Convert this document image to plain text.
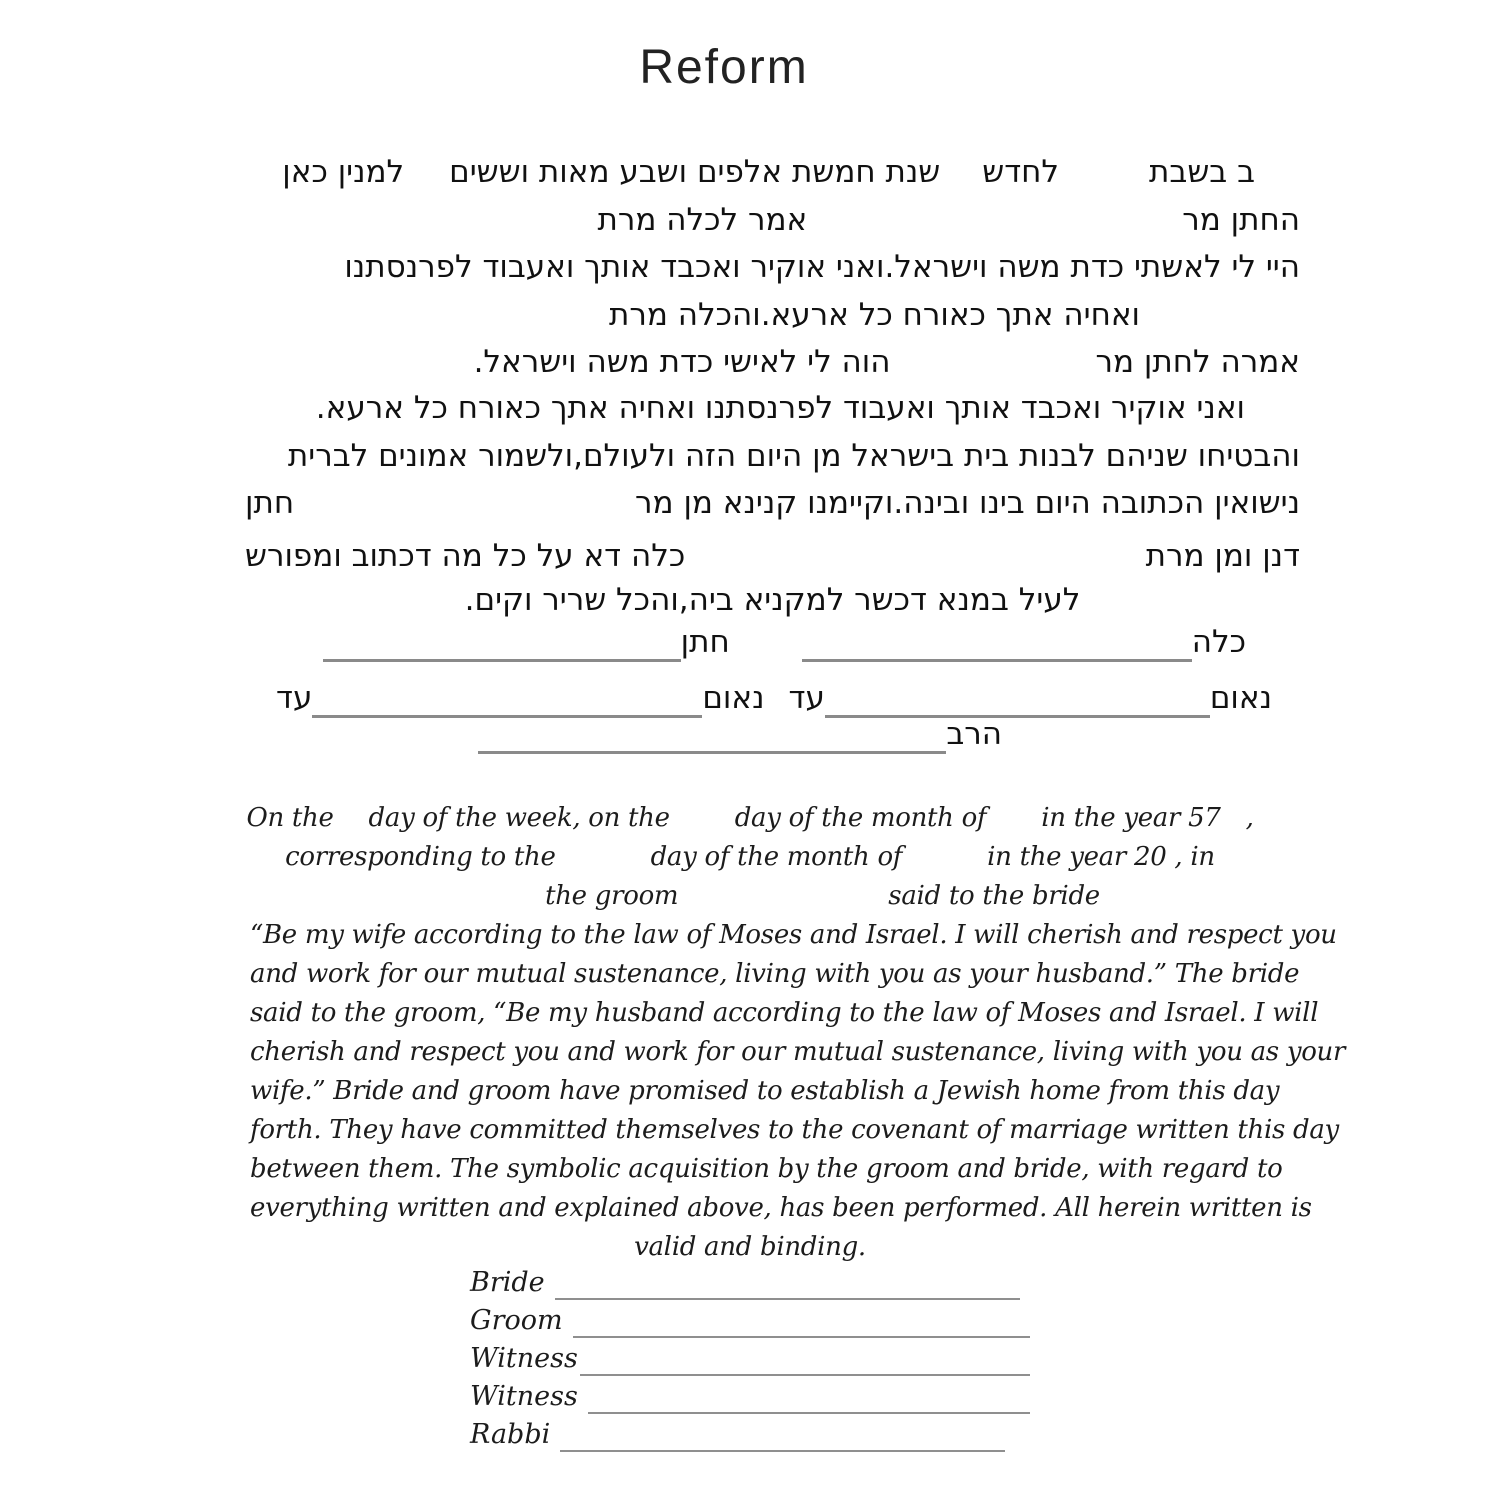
Reform
ב בשבת
לחדש
שנת חמשת אלפים ושבע מאות וששים
למנין כאן
החתן מר
אמר לכלה מרת
היי לי לאשתי כדת משה וישראל.ואני אוקיר ואכבד אותך ואעבוד לפרנסתנו
ואחיה אתך כאורח כל ארעא.והכלה מרת
אמרה לחתן מר
הוה לי לאישי כדת משה וישראל.
ואני אוקיר ואכבד אותך ואעבוד לפרנסתנו ואחיה אתך כאורח כל ארעא.
והבטיחו שניהם לבנות בית בישראל מן היום הזה ולעולם,ולשמור אמונים לברית
נישואין הכתובה היום בינו ובינה.וקיימנו קנינא מן מר
חתן
דנן ומן מרת
כלה דא על כל מה דכתוב ומפורש
לעיל במנא דכשר למקניא ביה,והכל שריר וקים.
כלה
חתן
נאום
עד
נאום
עד
הרב
On the day of the week, on the	day of the month of in the year 57 ,
corresponding to the	day of the month of	in the year 20 , in
the groom	said to the bride
“Be my wife according to the law of Moses and Israel. I will cherish and respect you
and work for our mutual sustenance, living with you as your husband.” The bride
said to the groom, “Be my husband according to the law of Moses and Israel. I will
cherish and respect you and work for our mutual sustenance, living with you as your
wife.” Bride and groom have promised to establish a Jewish home from this day
forth. They have committed themselves to the covenant of marriage written this day
between them. The symbolic acquisition by the groom and bride, with regard to
everything written and explained above, has been performed. All herein written is
valid and binding.
Bride
Groom
Witness
Witness
Rabbi
